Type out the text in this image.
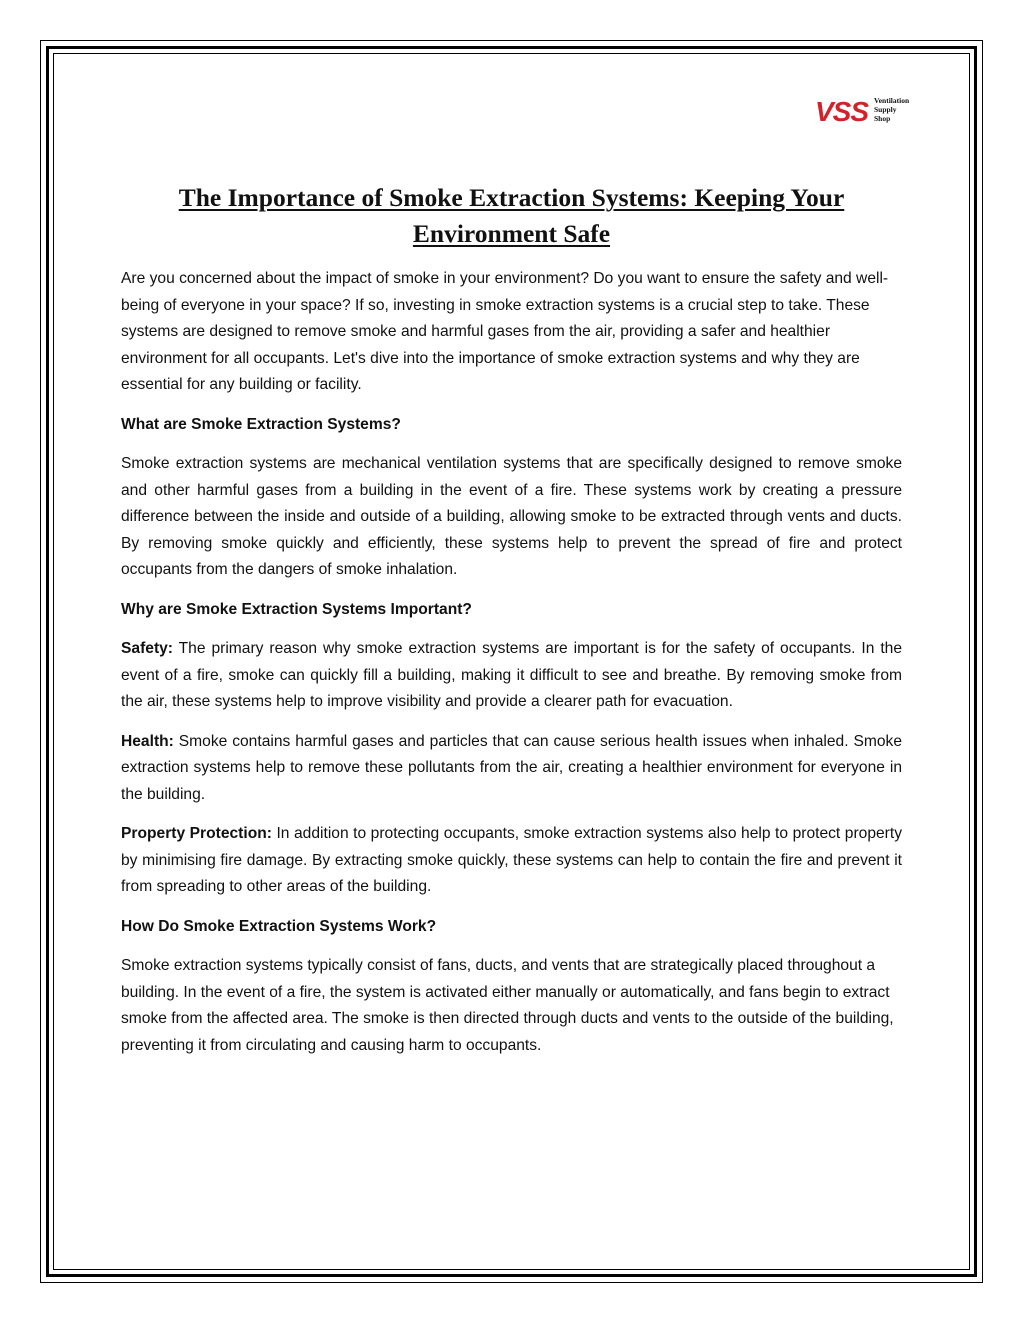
VSS Ventilation
Supply
Shop
The Importance of Smoke Extraction Systems: Keeping Your
Environment Safe

Are you concerned about the impact of smoke in your environment? Do you want to ensure the safety and well-being of everyone in your space? If so, investing in smoke extraction systems is a crucial step to take. These systems are designed to remove smoke and harmful gases from the air, providing a safer and healthier environment for all occupants. Let's dive into the importance of smoke extraction systems and why they are essential for any building or facility.

What are Smoke Extraction Systems?

Smoke extraction systems are mechanical ventilation systems that are specifically designed to remove smoke and other harmful gases from a building in the event of a fire. These systems work by creating a pressure difference between the inside and outside of a building, allowing smoke to be extracted through vents and ducts. By removing smoke quickly and efficiently, these systems help to prevent the spread of fire and protect occupants from the dangers of smoke inhalation.

Why are Smoke Extraction Systems Important?

Safety: The primary reason why smoke extraction systems are important is for the safety of occupants. In the event of a fire, smoke can quickly fill a building, making it difficult to see and breathe. By removing smoke from the air, these systems help to improve visibility and provide a clearer path for evacuation.

Health: Smoke contains harmful gases and particles that can cause serious health issues when inhaled. Smoke extraction systems help to remove these pollutants from the air, creating a healthier environment for everyone in the building.

Property Protection: In addition to protecting occupants, smoke extraction systems also help to protect property by minimising fire damage. By extracting smoke quickly, these systems can help to contain the fire and prevent it from spreading to other areas of the building.

How Do Smoke Extraction Systems Work?

Smoke extraction systems typically consist of fans, ducts, and vents that are strategically placed throughout a building. In the event of a fire, the system is activated either manually or automatically, and fans begin to extract smoke from the affected area. The smoke is then directed through ducts and vents to the outside of the building, preventing it from circulating and causing harm to occupants.
